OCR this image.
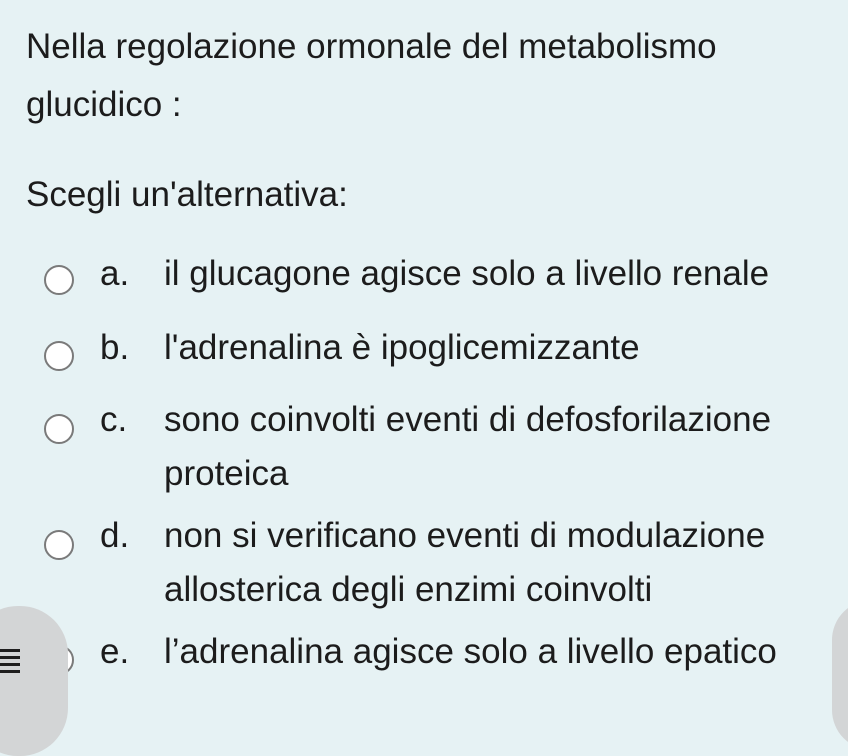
Nella regolazione ormonale del metabolismo glucidico :

Scegli un'alternativa:

a. il glucagone agisce solo a livello renale
b. l'adrenalina è ipoglicemizzante
c. sono coinvolti eventi di defosforilazione proteica
d. non si verificano eventi di modulazione allosterica degli enzimi coinvolti
e. l’adrenalina agisce solo a livello epatico
